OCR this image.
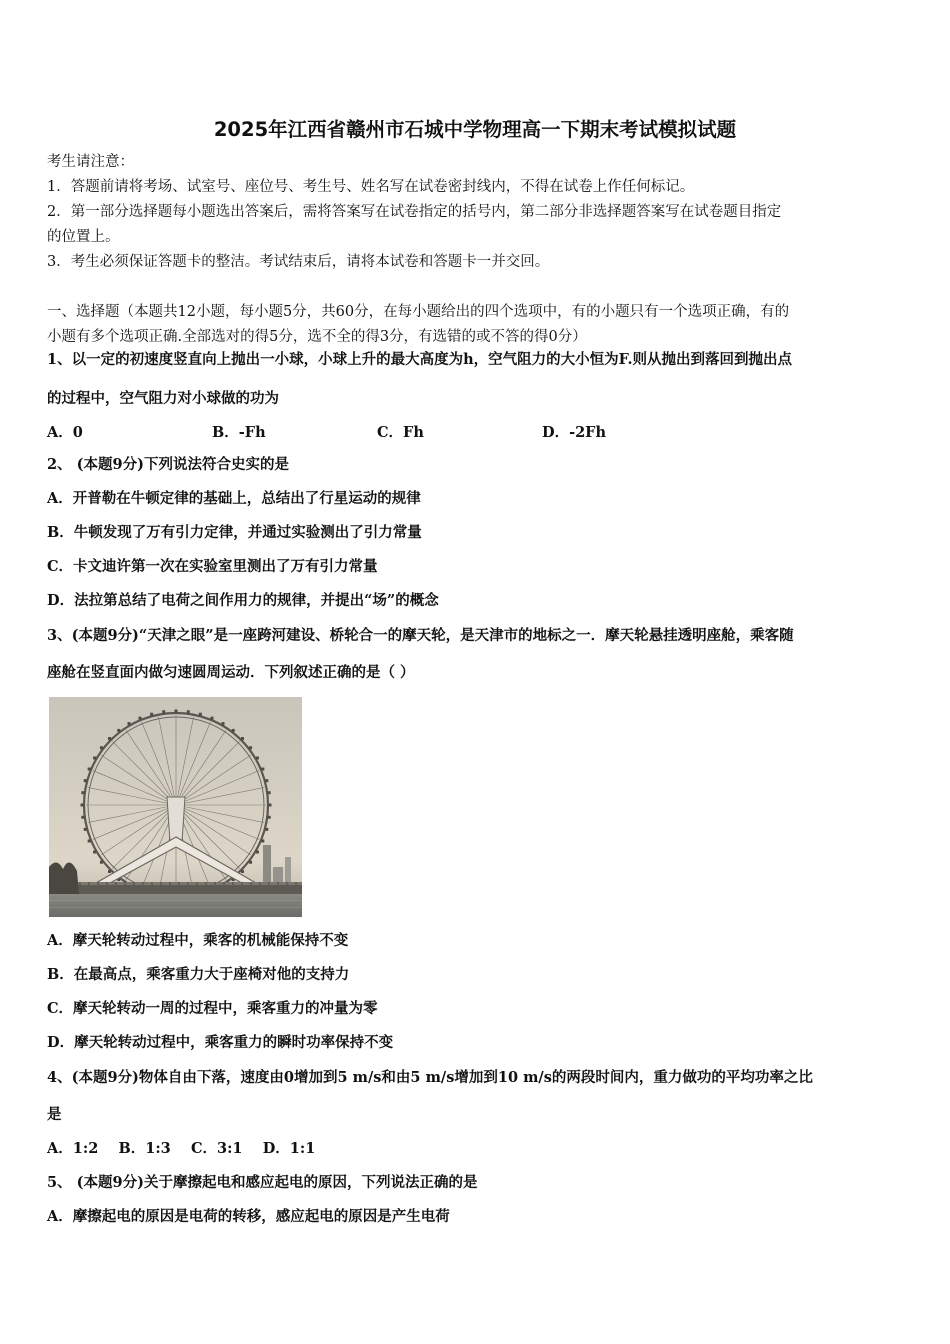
2025年江西省赣州市石城中学物理高一下期末考试模拟试题
考生请注意：
1．答题前请将考场、试室号、座位号、考生号、姓名写在试卷密封线内，不得在试卷上作任何标记。
2．第一部分选择题每小题选出答案后，需将答案写在试卷指定的括号内，第二部分非选择题答案写在试卷题目指定
的位置上。
3．考生必须保证答题卡的整洁。考试结束后，请将本试卷和答题卡一并交回。
一、选择题（本题共12小题，每小题5分，共60分，在每小题给出的四个选项中，有的小题只有一个选项正确，有的
小题有多个选项正确.全部选对的得5分，选不全的得3分，有选错的或不答的得0分）
1、以一定的初速度竖直向上抛出一小球，小球上升的最大高度为h，空气阻力的大小恒为F.则从抛出到落回到抛出点
的过程中，空气阻力对小球做的功为
A．0	B．-Fh	C．Fh	D．-2Fh
2、 (本题9分)下列说法符合史实的是
A．开普勒在牛顿定律的基础上，总结出了行星运动的规律
B．牛顿发现了万有引力定律，并通过实验测出了引力常量
C．卡文迪许第一次在实验室里测出了万有引力常量
D．法拉第总结了电荷之间作用力的规律，并提出“场”的概念
3、(本题9分)“天津之眼”是一座跨河建设、桥轮合一的摩天轮，是天津市的地标之一．摩天轮悬挂透明座舱，乘客随
座舱在竖直面内做匀速圆周运动．下列叙述正确的是（ ）
A．摩天轮转动过程中，乘客的机械能保持不变
B．在最高点，乘客重力大于座椅对他的支持力
C．摩天轮转动一周的过程中，乘客重力的冲量为零
D．摩天轮转动过程中，乘客重力的瞬时功率保持不变
4、(本题9分)物体自由下落，速度由0增加到5 m/s和由5 m/s增加到10 m/s的两段时间内，重力做功的平均功率之比
是
A．1:2    B．1:3    C．3:1    D．1:1
5、 (本题9分)关于摩擦起电和感应起电的原因，下列说法正确的是
A．摩擦起电的原因是电荷的转移，感应起电的原因是产生电荷
